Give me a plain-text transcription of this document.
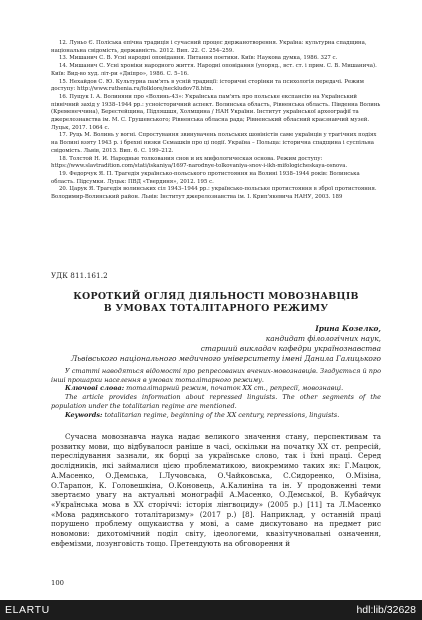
12. Луньо Є. Поліська епічна традиція і сучасний процес держанотворення. Україна: культурна спадщина, національна свідомість, державність. 2012. Вип. 22. С. 254–259.

13. Мишанич С. В. Усні народні оповідання. Питання поетики. Київ: Наукова думка, 1986. 327 с.

14. Мишанич С. Усні хроніки народного життя. Народні оповідання (упоряд., вст. ст. і прим. С. В. Мишанича). Київ: Вид-во худ. літ-ри «Дніпро», 1986. С. 5–16.

15. Нехайдов С. Ю. Культурна пам'ять в усній традиції: історичні сторінки та психологія передачі. Режим доступу: http://www.ruthenia.ru/folklore/neckludov78.htm.

16. Пущук І. А. Волиняни про «Волинь-43»: Українська пам'ять про польське експансію на Український північний захід у 1938–1944 рр.: усноісторичний аспект. Волинська область, Рівненська область. Південна Волинь (Кременеччина), Берестейщина, Підляшшя, Холмщина / НАН України. Інститут української археографії та джерелознавства ім. М. С. Грушевського; Рівненська обласна рада; Рівненський обласний краєзнавчий музей. Луцьк, 2017. 1064 с.

17. Руць М. Волинь у вогні. Спростування звинувачень польських шовіністів саме українців у трагічних подіях на Волині взяту 1943 р. і брехні низки Сємашків про ці події. Україна – Польща: історична спадщина і суспільна свідомість. Львів, 2013. Вип. 6. С. 199–212.

18. Толстой Н. И. Народные толкования снов и их мифологическая основа. Режим доступу: https://www.slavtradition.com/stati/iskaniya/1697-narodnye-tolkovaniya-snov-i-ikh-mifologicheskaya-osnova.

19. Федорчук Я. П. Трагедія українсько-польського протистояння на Волині 1938–1944 років: Волинська область. Підсумки. Луцьк: ПВД «Твердиня», 2012. 195 с.

20. Царук Я. Трагедія волинських сіл 1943–1944 рр.: українсько-польське протистояння в зброї протистояння. Володимир-Волинський район. Львів: Інститут джерелознавства ім. І. Крип'якевича НАНУ, 2003. 189

УДК 811.161.2
КОРОТКИЙ ОГЛЯД ДІЯЛЬНОСТІ МОВОЗНАВЦІВ
В УМОВАХ ТОТАЛІТАРНОГО РЕЖИМУ
Ірина Козелко,
кандидат філологічних наук,
старший викладач кафедри українознавства
Львівського національного медичного університету імені Данила Галицького

У статті наводяться відомості про репресованих вчених-мовознавців. Згадується й про інші прошарки населення в умовах тоталітарного режиму.

Ключові слова: тоталітарний режим, початок ХХ ст., репресії, мовознавці.

The article provides information about repressed linguists. The other segments of the population under the totalitarian regime are mentioned.

Keywords: totalitarian regime, beginning of the XX century, repressions, linguists.

Сучасна мовознавча наука надає великого значення стану, перспективам та розвитку мови, що відбувалося раніше в часі, оскільки на початку ХХ ст. репресій, переслідування зазнали, як борці за українське слово, так і їхні праці. Серед дослідників, які займалися цією проблематикою, виокремимо таких як: Г.Мацюк, А.Масенко, О.Демська, І.Лучовська, О.Чайковська, С.Сидоренко, О.Мізіна, О.Тарапон, К. Головешкіна, О.Коновець, А.Калиніна та ін. У продовженні теми звертаємо увагу на актуальні монографії А.Масенко, О.Демської, В. Кубайчук «Українська мова в ХХ сторіччі: історія лінгвоциду» (2005 р.) [11] та Л.Масенко «Мова радянського тоталітаризму» (2017 р.) [8]. Наприклад, у останній праці порушено проблему ощукаиства у мові, а саме дискутовано на предмет рис новомови: дихотомічний поділ світу, ідеологеми, квазітучновальні означення, евфемізми, лозунговість тощо. Претендують на обговорення й

100
ELARTU	hdl:lib/32628
